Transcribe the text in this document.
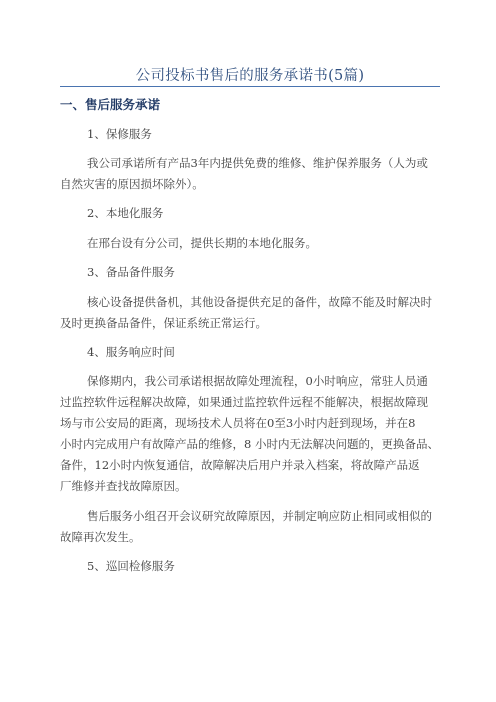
公司投标书售后的服务承诺书(5篇)
一、售后服务承诺
1、保修服务
我公司承诺所有产品3年内提供免费的维修、维护保养服务（人为或
自然灾害的原因损坏除外）。
2、本地化服务
在邢台设有分公司，提供长期的本地化服务。
3、备品备件服务
核心设备提供备机，其他设备提供充足的备件，故障不能及时解决时
及时更换备品备件，保证系统正常运行。
4、服务响应时间
保修期内，我公司承诺根据故障处理流程，0小时响应，常驻人员通
过监控软件远程解决故障，如果通过监控软件远程不能解决，根据故障现
场与市公安局的距离，现场技术人员将在0至3小时内赶到现场，并在8
小时内完成用户有故障产品的维修，8 小时内无法解决问题的，更换备品、
备件，12小时内恢复通信，故障解决后用户并录入档案，将故障产品返
厂维修并查找故障原因。
售后服务小组召开会议研究故障原因，并制定响应防止相同或相似的
故障再次发生。
5、巡回检修服务
